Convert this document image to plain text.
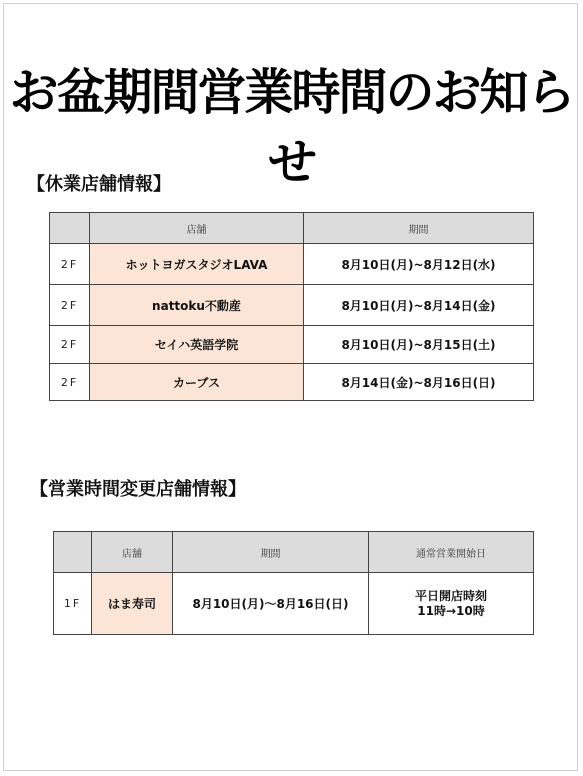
お盆期間営業時間のお知らせ
【休業店舗情報】
	店舗	期間
2F	ホットヨガスタジオLAVA	8月10日(月)~8月12日(水)
2F	nattoku不動産	8月10日(月)~8月14日(金)
2F	セイハ英語学院	8月10日(月)~8月15日(土)
2F	カーブス	8月14日(金)~8月16日(日)
【営業時間変更店舗情報】
	店舗	期間	通常営業開始日
1F	はま寿司	8月10日(月)～8月16日(日)	平日開店時刻
11時→10時
